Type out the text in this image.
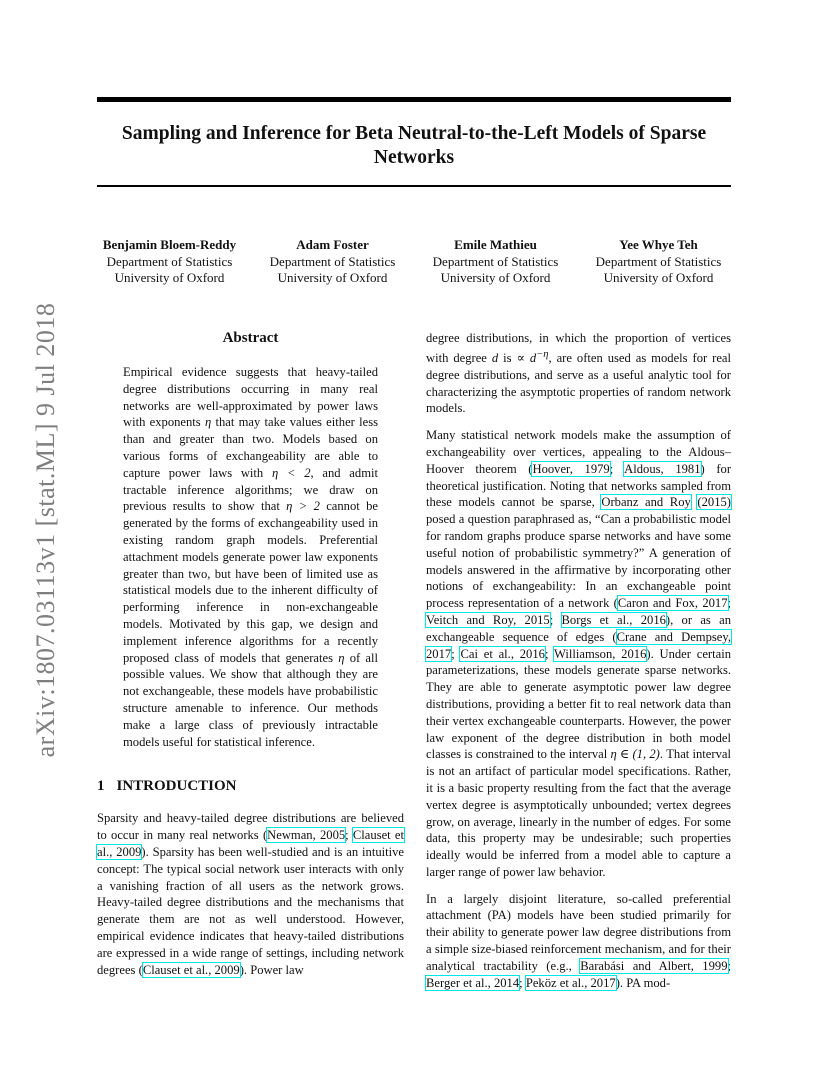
Sampling and Inference for Beta Neutral-to-the-Left Models of Sparse
Networks
Benjamin Bloem-Reddy
Department of Statistics
University of Oxford
Adam Foster
Department of Statistics
University of Oxford
Emile Mathieu
Department of Statistics
University of Oxford
Yee Whye Teh
Department of Statistics
University of Oxford
arXiv:1807.03113v1 [stat.ML] 9 Jul 2018	Abstract
Empirical evidence suggests that heavy-tailed degree distributions occurring in many real networks are well-approximated by power laws with exponents η that may take values either less than and greater than two. Models based on various forms of exchangeability are able to capture power laws with η < 2, and admit tractable inference algorithms; we draw on previous results to show that η > 2 cannot be generated by the forms of exchangeability used in existing random graph models. Preferential attachment models generate power law exponents greater than two, but have been of limited use as statistical models due to the inherent difficulty of performing inference in non-exchangeable models. Motivated by this gap, we design and implement inference algorithms for a recently proposed class of models that generates η of all possible values. We show that although they are not exchangeable, these models have probabilistic structure amenable to inference. Our methods make a large class of previously intractable models useful for statistical inference.
1 INTRODUCTION
Sparsity and heavy-tailed degree distributions are believed to occur in many real networks (Newman, 2005; Clauset et al., 2009). Sparsity has been well-studied and is an intuitive concept: The typical social network user interacts with only a vanishing fraction of all users as the network grows. Heavy-tailed degree distributions and the mechanisms that generate them are not as well understood. However, empirical evidence indicates that heavy-tailed distributions are expressed in a wide range of settings, including network degrees (Clauset et al., 2009). Power law
degree distributions, in which the proportion of vertices with degree d is ∝ $d^{-\eta}$, are often used as models for real degree distributions, and serve as a useful analytic tool for characterizing the asymptotic properties of random network models.
Many statistical network models make the assumption of exchangeability over vertices, appealing to the Aldous–Hoover theorem (Hoover, 1979; Aldous, 1981) for theoretical justification. Noting that networks sampled from these models cannot be sparse, Orbanz and Roy (2015) posed a question paraphrased as, “Can a probabilistic model for random graphs produce sparse networks and have some useful notion of probabilistic symmetry?” A generation of models answered in the affirmative by incorporating other notions of exchangeability: In an exchangeable point process representation of a network (Caron and Fox, 2017; Veitch and Roy, 2015; Borgs et al., 2016), or as an exchangeable sequence of edges (Crane and Dempsey, 2017; Cai et al., 2016; Williamson, 2016). Under certain parameterizations, these models generate sparse networks. They are able to generate asymptotic power law degree distributions, providing a better fit to real network data than their vertex exchangeable counterparts. However, the power law exponent of the degree distribution in both model classes is constrained to the interval η ∈ (1, 2). That interval is not an artifact of particular model specifications. Rather, it is a basic property resulting from the fact that the average vertex degree is asymptotically unbounded; vertex degrees grow, on average, linearly in the number of edges. For some data, this property may be undesirable; such properties ideally would be inferred from a model able to capture a larger range of power law behavior.
In a largely disjoint literature, so-called preferential attachment (PA) models have been studied primarily for their ability to generate power law degree distributions from a simple size-biased reinforcement mechanism, and for their analytical tractability (e.g., Barabási and Albert, 1999; Berger et al., 2014; Peköz et al., 2017). PA mod-
